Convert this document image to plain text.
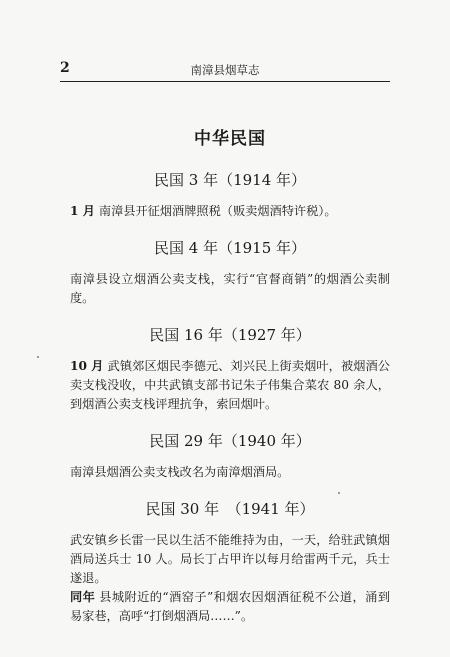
2	南漳县烟草志
中华民国
民国 3 年（1914 年）

1 月 南漳县开征烟酒牌照税（贩卖烟酒特许税）。

民国 4 年（1915 年）

南漳县设立烟酒公卖支栈，实行“官督商销”的烟酒公卖制度。

民国 16 年（1927 年）

10 月 武镇郊区烟民李德元、刘兴民上街卖烟叶，被烟酒公卖支栈没收，中共武镇支部书记朱子伟集合菜农 80 余人，到烟酒公卖支栈评理抗争，索回烟叶。

民国 29 年（1940 年）

南漳县烟酒公卖支栈改名为南漳烟酒局。

民国 30 年　（1941 年）

武安镇乡长雷一民以生活不能维持为由，一天，给驻武镇烟酒局送兵士 10 人。局长丁占甲许以每月给雷两千元，兵士遂退。

同年 县城附近的“酒窑子”和烟农因烟酒征税不公道，涌到易家巷，高呼“打倒烟酒局……”。
